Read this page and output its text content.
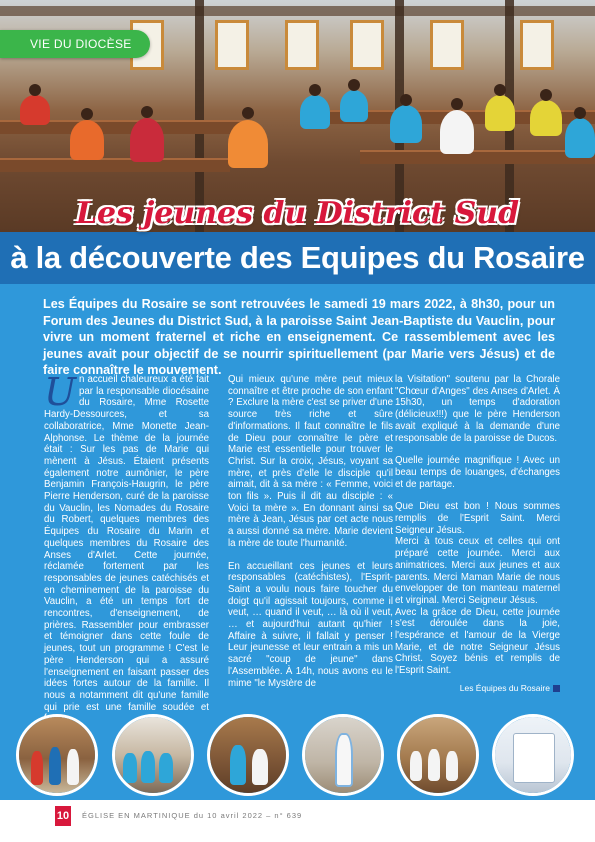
VIE DU DIOCÈSE
Les jeunes du District Sud
à la découverte des Equipes du Rosaire
Les Équipes du Rosaire se sont retrouvées le samedi 19 mars 2022, à 8h30, pour un Forum des Jeunes du District Sud, à la paroisse Saint Jean-Baptiste du Vauclin, pour vivre un moment fraternel et riche en enseignement. Ce rassemblement avec les jeunes avait pour objectif de se nourrir spirituellement (par Marie vers Jésus) et de faire connaître le mouvement.

Un accueil chaleureux a été fait par la responsable diocésaine du Rosaire, Mme Rosette Hardy-Dessources, et sa collaboratrice, Mme Monette Jean-Alphonse. Le thème de la journée était : Sur les pas de Marie qui mènent à Jésus. Étaient présents également notre aumônier, le père Benjamin François-Haugrin, le père Pierre Henderson, curé de la paroisse du Vauclin, les Nomades du Rosaire du Robert, quelques membres des Équipes du Rosaire du Marin et quelques membres du Rosaire des Anses d'Arlet. Cette journée, réclamée fortement par les responsables de jeunes catéchisés et en cheminement de la paroisse du Vauclin, a été un temps fort de rencontres, d'enseignement, de prières. Rassembler pour embrasser et témoigner dans cette foule de jeunes, tout un programme ! C'est le père Henderson qui a assuré l'enseignement en faisant passer des idées fortes autour de la famille. Il nous a notamment dit qu'une famille qui prie est une famille soudée et

Qui mieux qu'une mère peut mieux connaître et être proche de son enfant ? Exclure la mère c'est se priver d'une source très riche et sûre d'informations. Il faut connaître le fils de Dieu pour connaître le père et Marie est essentielle pour trouver le Christ. Sur la croix, Jésus, voyant sa mère, et près d'elle le disciple qu'il aimait, dit à sa mère : « Femme, voici ton fils ». Puis il dit au disciple : « Voici ta mère ». En donnant ainsi sa mère à Jean, Jésus par cet acte nous a aussi donné sa mère. Marie devient la mère de toute l'humanité.

En accueillant ces jeunes et leurs responsables (catéchistes), l'Esprit-Saint a voulu nous faire toucher du doigt qu'il agissait toujours, comme il veut, … quand il veut, … là où il veut, … et aujourd'hui autant qu'hier ! Affaire à suivre, il fallait y penser ! Leur jeunesse et leur entrain a mis un sacré "coup de jeune" dans l'Assemblée. À 14h, nous avons eu le mime "le Mystère de

la Visitation" soutenu par la Chorale "Chœur d'Anges" des Anses d'Arlet. À 15h30, un temps d'adoration (délicieux!!!) que le père Henderson avait expliqué à la demande d'une responsable de la paroisse de Ducos.

Quelle journée magnifique ! Avec un beau temps de louanges, d'échanges et de partage.

Que Dieu est bon ! Nous sommes remplis de l'Esprit Saint. Merci Seigneur Jésus.

Merci à tous ceux et celles qui ont préparé cette journée. Merci aux animatrices. Merci aux jeunes et aux parents. Merci Maman Marie de nous envelopper de ton manteau maternel et virginal. Merci Seigneur Jésus.

Avec la grâce de Dieu, cette journée s'est déroulée dans la joie, l'espérance et l'amour de la Vierge Marie, et de notre Seigneur Jésus Christ. Soyez bénis et remplis de l'Esprit Saint.

Les Équipes du Rosaire
10 ÉGLISE EN MARTINIQUE du 10 avril 2022 – n° 639
